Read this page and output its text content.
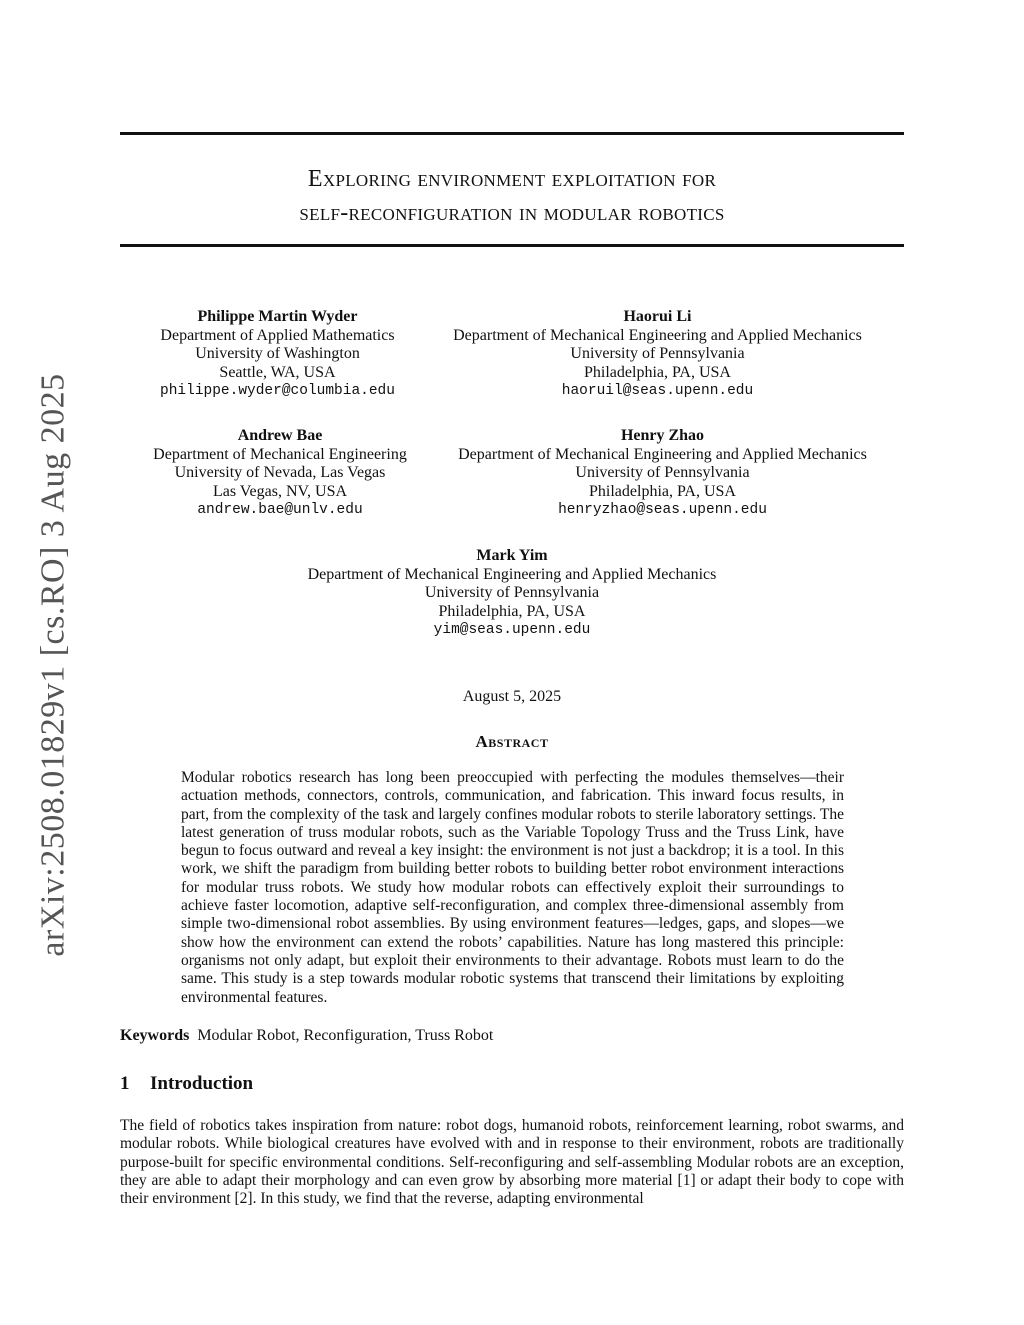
arXiv:2508.01829v1 [cs.RO] 3 Aug 2025
Exploring environment exploitation for
self-reconfiguration in modular robotics
Philippe Martin Wyder
Department of Applied Mathematics
University of Washington
Seattle, WA, USA
philippe.wyder@columbia.edu
Haorui Li
Department of Mechanical Engineering and Applied Mechanics
University of Pennsylvania
Philadelphia, PA, USA
haoruil@seas.upenn.edu
Andrew Bae
Department of Mechanical Engineering
University of Nevada, Las Vegas
Las Vegas, NV, USA
andrew.bae@unlv.edu
Henry Zhao
Department of Mechanical Engineering and Applied Mechanics
University of Pennsylvania
Philadelphia, PA, USA
henryzhao@seas.upenn.edu
Mark Yim
Department of Mechanical Engineering and Applied Mechanics
University of Pennsylvania
Philadelphia, PA, USA
yim@seas.upenn.edu
August 5, 2025
Abstract
Modular robotics research has long been preoccupied with perfecting the modules themselves—their actuation methods, connectors, controls, communication, and fabrication. This inward focus results, in part, from the complexity of the task and largely confines modular robots to sterile laboratory settings. The latest generation of truss modular robots, such as the Variable Topology Truss and the Truss Link, have begun to focus outward and reveal a key insight: the environment is not just a backdrop; it is a tool. In this work, we shift the paradigm from building better robots to building better robot environment interactions for modular truss robots. We study how modular robots can effectively exploit their surroundings to achieve faster locomotion, adaptive self-reconfiguration, and complex three-dimensional assembly from simple two-dimensional robot assemblies. By using environment features—ledges, gaps, and slopes—we show how the environment can extend the robots’ capabilities. Nature has long mastered this principle: organisms not only adapt, but exploit their environments to their advantage. Robots must learn to do the same. This study is a step towards modular robotic systems that transcend their limitations by exploiting environmental features.
Keywords Modular Robot, Reconfiguration, Truss Robot
1 Introduction
The field of robotics takes inspiration from nature: robot dogs, humanoid robots, reinforcement learning, robot swarms, and modular robots. While biological creatures have evolved with and in response to their environment, robots are traditionally purpose-built for specific environmental conditions. Self-reconfiguring and self-assembling Modular robots are an exception, they are able to adapt their morphology and can even grow by absorbing more material [1] or adapt their body to cope with their environment [2]. In this study, we find that the reverse, adapting environmental
